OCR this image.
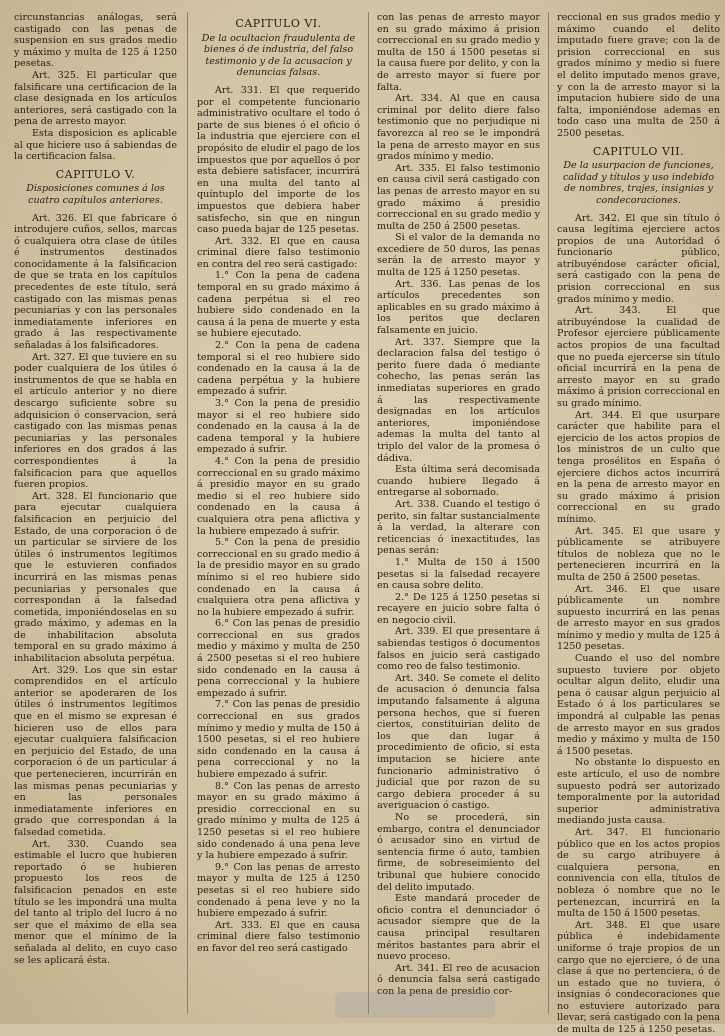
circunstancias análogas, será castigado con las penas de suspension en sus grados medio y máximo y multa de 125 á 1250 pesetas.

Art. 325. El particular que falsificare una certificacion de la clase designada en los artículos anteriores, será castigado con la pena de arresto mayor.

Esta disposicion es aplicable al que hiciere uso á sabiendas de la certificacion falsa.

CAPITULO V.

Disposiciones comunes á los cuatro capítulos anteriores.

Art. 326. El que fabricare ó introdujere cuños, sellos, marcas ó cualquiera otra clase de útiles é instrumentos destinados conocidamente á la falsificacion de que se trata en los capítulos precedentes de este título, será castigado con las mismas penas pecuniarias y con las personales inmediatamente inferiores en grado á las respectivamente señaladas á los falsificadores.

Art. 327. El que tuviere en su poder cualquiera de los útiles ó instrumentos de que se habla en el artículo anterior y no diere descargo suficiente sobre su adquisicion ó conservacion, será castigado con las mismas penas pecuniarias y las personales inferiores en dos grados á las correspondientes á la falsificacion para que aquellos fueren propios.

Art. 328. El funcionario que para ejecutar cualquiera falsificacion en perjuicio del Estado, de una corporacion ó de un particular se sirviere de los útiles ó instrumentos legítimos que le estuvieren confiados incurrirá en las mismas penas pecuniarias y personales que correspondan á la falsedad cometida, imponiéndoselas en su grado máximo, y ademas en la de inhabilitacion absoluta temporal en su grado máximo á inhabilitacion absoluta perpétua.

Art. 329. Los que sin estar comprendidos en el artículo anterior se apoderaren de los útiles ó instrumentos legítimos que en el mismo se expresan é hicieren uso de ellos para ejecutar cualquiera falsificacion en perjuicio del Estado, de una corporacion ó de un particular á que pertenecieren, incurrirán en las mismas penas pecuniarias y en las personales inmediatamente inferiores en grado que correspondan á la falsedad cometida.

Art. 330. Cuando sea estimable el lucro que hubieren reportado ó se hubieren propuesto los reos de falsificacion penados en este título se les impondrá una multa del tanto al triplo del lucro á no ser que el máximo de ella sea menor que el mínimo de la señalada al delito, en cuyo caso se les aplicará ésta.

CAPITULO VI.

De la ocultacion fraudulenta de bienes ó de industria, del falso testimonio y de la acusacion y denuncias falsas.

Art. 331. El que requerido por el competente funcionario administrativo ocultare el todo ó parte de sus bienes ó el oficio ó la industria que ejerciere con el propósito de eludir el pago de los impuestos que por aquellos ó por esta debiere satisfacer, incurrirá en una multa del tanto al quíntuplo del importe de los impuestos que debiera haber satisfecho, sin que en ningun caso pueda bajar de 125 pesetas.

Art. 332. El que en causa criminal diere falso testimonio en contra del reo será castigado:

1.° Con la pena de cadena temporal en su grado máximo á cadena perpétua si el reo hubiere sido condenado en la causa á la pena de muerte y esta se hubiere ejecutado.

2.° Con la pena de cadena temporal si el reo hubiere sido condenado en la causa á la de cadena perpétua y la hubiere empezado á sufrir.

3.° Con la pena de presidio mayor si el reo hubiere sido condenado en la causa á la de cadena temporal y la hubiere empezado á sufrir.

4.° Con la pena de presidio correccional en su grado máximo á presidio mayor en su grado medio si el reo hubiere sido condenado en la causa á cualquiera otra pena aflictiva y la hubiere empezado á sufrir.

5.° Con la pena de presidio correccional en su grado medio á la de presidio mayor en su grado mínimo si el reo hubiere sido condenado en la causa á cualquiera otra pena aflictiva y no la hubiere empezado á sufrir.

6.° Con las penas de presidio correccional en sus grados medio y máximo y multa de 250 á 2500 pesetas si el reo hubiere sido condenado en la causa á pena correccional y la hubiere empezado á sufrir.

7.° Con las penas de presidio correccional en sus grados mínimo y medio y multa de 150 á 1500 pesetas, si el reo hubiere sido condenado en la causa á pena correccional y no la hubiere empezado á sufrir.

8.° Con las penas de arresto mayor en su grado máximo á presidio correccional en su grado mínimo y multa de 125 á 1250 pesetas si el reo hubiere sido condenado á una pena leve y la hubiere empezado á sufrir.

9.° Con las penas de arresto mayor y multa de 125 á 1250 pesetas si el reo hubiere sido condenado á pena leve y no la hubiere empezado á sufrir.

Art. 333. El que en causa criminal diere falso testimonio en favor del reo será castigado

con las penas de arresto mayor en su grado máximo á prision correccional en su grado medio y multa de 150 á 1500 pesetas si la causa fuere por delito, y con la de arresto mayor si fuere por falta.

Art. 334. Al que en causa criminal por delito diere falso testimonio que no perjudique ni favorezca al reo se le impondrá la pena de arresto mayor en sus grados mínimo y medio.

Art. 335. El falso testimonio en causa civil será castigado con las penas de arresto mayor en su grado máximo á presidio correccional en su grado medio y multa de 250 á 2500 pesetas.

Si el valor de la demanda no excediere de 50 duros, las penas serán la de arresto mayor y multa de 125 á 1250 pesetas.

Art. 336. Las penas de los artículos precedentes son aplicables en su grado máximo á los peritos que declaren falsamente en juicio.

Art. 337. Siempre que la declaracion falsa del testigo ó perito fuere dada ó mediante cohecho, las penas serán las inmediatas superiores en grado á las respectivamente designadas en los artículos anteriores, imponiéndose ademas la multa del tanto al triplo del valor de la promesa ó dádiva.

Esta última será decomisada cuando hubiere llegado á entregarse al sobornado.

Art. 338. Cuando el testigo ó perito, sin faltar sustancialmente á la verdad, la alterare con reticencias ó inexactitudes, las penas serán:

1.° Multa de 150 á 1500 pesetas si la falsedad recayere en causa sobre delito.

2.° De 125 á 1250 pesetas si recayere en juicio sobre falta ó en negocio civil.

Art. 339. El que presentare á sabiendas testigos ó documentos falsos en juicio será castigado como reo de falso testimonio.

Art. 340. Se comete el delito de acusacion ó denuncia falsa imputando falsamente á alguna persona hechos, que si fueren ciertos, constituirian delito de los que dan lugar á procedimiento de oficio, si esta imputacion se hiciere ante funcionario administrativo ó judicial que por razon de su cargo debiera proceder á su averiguacion ó castigo.

No se procederá, sin embargo, contra el denunciador ó acusador sino en virtud de sentencia firme ó auto, tambien firme, de sobreseimiento del tribunal que hubiere conocido del delito imputado.

Este mandará proceder de oficio contra el denunciador ó acusador siempre que de la causa principal resultaren méritos bastantes para abrir el nuevo proceso.

Art. 341. El reo de acusacion ó denuncia falsa será castigado con la pena de presidio cor-

reccional en sus grados medio y máximo cuando el delito imputado fuere grave; con la de prision correccional en sus grados mínimo y medio si fuere el delito imputado menos grave, y con la de arresto mayor si la imputacion hubiere sido de una falta, imponiéndose ademas en todo caso una multa de 250 á 2500 pesetas.

CAPITULO VII.

De la usurpacion de funciones, calidad y títulos y uso indebido de nombres, trajes, insignias y condecoraciones.

Art. 342. El que sin título ó causa legítima ejerciere actos propios de una Autoridad ó funcionario público, atribuyéndose carácter oficial, será castigado con la pena de prision correccional en sus grados mínimo y medio.

Art. 343. El que atribuyéndose la cualidad de Profesor ejerciere públicamente actos propios de una facultad que no pueda ejercerse sin título oficial incurrirá en la pena de arresto mayor en su grado máximo á prision correccional en su grado mínimo.

Art. 344. El que usurpare carácter que habilite para el ejercicio de los actos propios de los ministros de un culto que tenga prosélitos en España ó ejerciere dichos actos incurrirá en la pena de arresto mayor en su grado máximo á prision correccional en su grado mínimo.

Art. 345. El que usare y públicamente se atribuyere títulos de nobleza que no le pertenecieren incurrirá en la multa de 250 á 2500 pesetas.

Art. 346. El que usare públicamente un nombre supuesto incurrirá en las penas de arresto mayor en sus grados mínimo y medio y multa de 125 á 1250 pesetas.

Cuando el uso del nombre supuesto tuviere por objeto ocultar algun delito, eludir una pena ó causar algun perjuicio al Estado ó á los particulares se impondrá al culpable las penas de arresto mayor en sus grados medio y máximo y multa de 150 á 1500 pesetas.

No obstante lo dispuesto en este artículo, el uso de nombre supuesto podrá ser autorizado temporalmente por la autoridad superior administrativa mediando justa causa.

Art. 347. El funcionario público que en los actos propios de su cargo atribuyere á cualquiera persona, en connivencia con ella, títulos de nobleza ó nombre que no le pertenezcan, incurrirá en la multa de 150 á 1500 pesetas.

Art. 348. El que usare pública é indebidamente uniforme ó traje propios de un cargo que no ejerciere, ó de una clase á que no pertenciera, ó de un estado que no tuviera, ó insignias ó condecoraciones que no estuviere autorizado para llevar, será castigado con la pena de multa de 125 á 1250 pesetas.
